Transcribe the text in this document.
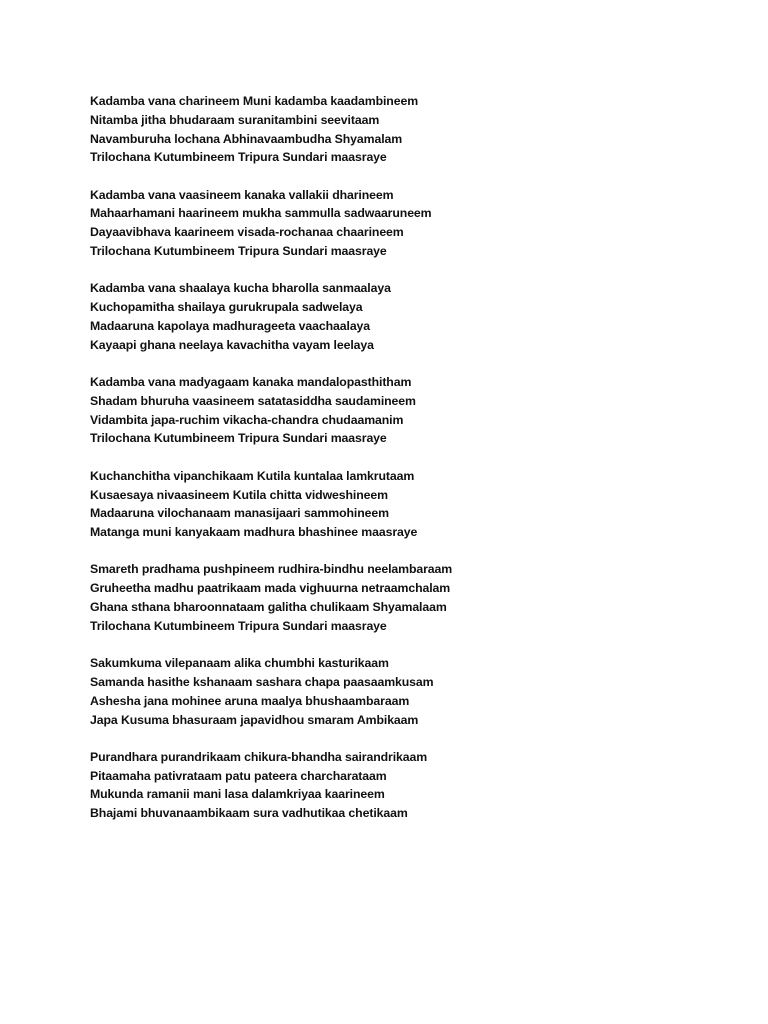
Kadamba vana charineem Muni kadamba kaadambineem
Nitamba jitha bhudaraam suranitambini seevitaam
Navamburuha lochana Abhinavaambudha Shyamalam
Trilochana Kutumbineem Tripura Sundari maasraye
Kadamba vana vaasineem kanaka vallakii dharineem
Mahaarhamani haarineem mukha sammulla sadwaaruneem
Dayaavibhava kaarineem visada-rochanaa chaarineem
Trilochana Kutumbineem Tripura Sundari maasraye
Kadamba vana shaalaya kucha bharolla sanmaalaya
Kuchopamitha shailaya gurukrupala sadwelaya
Madaaruna kapolaya madhurageeta vaachaalaya
Kayaapi ghana neelaya kavachitha vayam leelaya
Kadamba vana madyagaam kanaka mandalopasthitham
Shadam bhuruha vaasineem satatasiddha saudamineem
Vidambita japa-ruchim vikacha-chandra chudaamanim
Trilochana Kutumbineem Tripura Sundari maasraye
Kuchanchitha vipanchikaam Kutila kuntalaa lamkrutaam
Kusaesaya nivaasineem Kutila chitta vidweshineem
Madaaruna vilochanaam manasijaari sammohineem
Matanga muni kanyakaam madhura bhashinee maasraye
Smareth pradhama pushpineem rudhira-bindhu neelambaraam
Gruheetha madhu paatrikaam mada vighuurna netraamchalam
Ghana sthana bharoonnataam galitha chulikaam Shyamalaam
Trilochana Kutumbineem Tripura Sundari maasraye
Sakumkuma vilepanaam alika chumbhi kasturikaam
Samanda hasithe kshanaam sashara chapa paasaamkusam
Ashesha jana mohinee aruna maalya bhushaambaraam
Japa Kusuma bhasuraam japavidhou smaram Ambikaam
Purandhara purandrikaam chikura-bhandha sairandrikaam
Pitaamaha pativrataam patu pateera charcharataam
Mukunda ramanii mani lasa dalamkriyaa kaarineem
Bhajami bhuvanaambikaam sura vadhutikaa chetikaam
